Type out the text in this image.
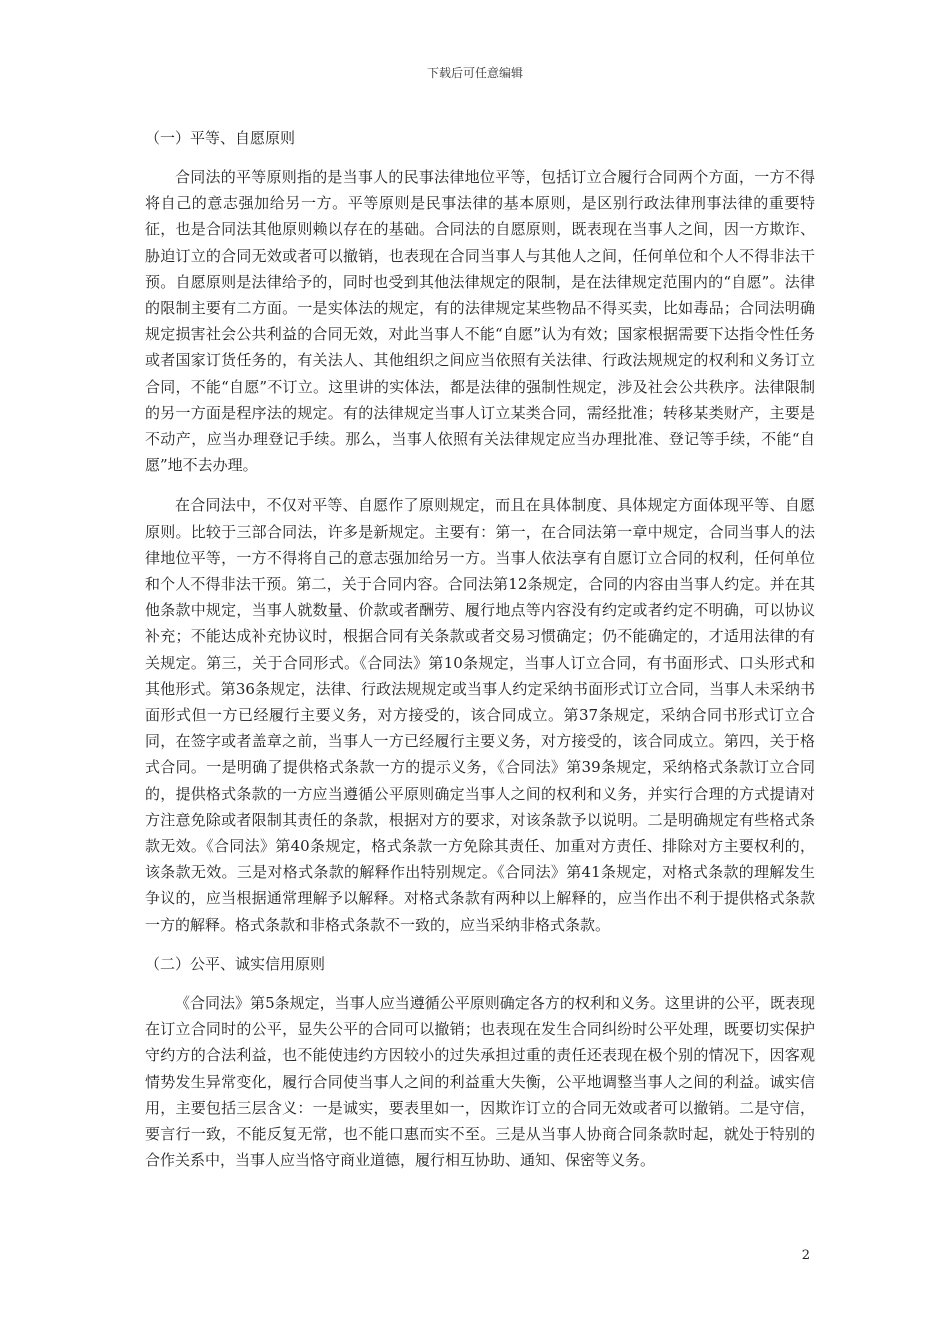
下载后可任意编辑

（一）平等、自愿原则

合同法的平等原则指的是当事人的民事法律地位平等，包括订立合履行合同两个方面，一方不得将自己的意志强加给另一方。平等原则是民事法律的基本原则，是区别行政法律刑事法律的重要特征，也是合同法其他原则赖以存在的基础。合同法的自愿原则，既表现在当事人之间，因一方欺诈、胁迫订立的合同无效或者可以撤销，也表现在合同当事人与其他人之间，任何单位和个人不得非法干预。自愿原则是法律给予的，同时也受到其他法律规定的限制，是在法律规定范围内的“自愿”。法律的限制主要有二方面。一是实体法的规定，有的法律规定某些物品不得买卖，比如毒品；合同法明确规定损害社会公共利益的合同无效，对此当事人不能“自愿”认为有效；国家根据需要下达指令性任务或者国家订货任务的，有关法人、其他组织之间应当依照有关法律、行政法规规定的权利和义务订立合同，不能“自愿”不订立。这里讲的实体法，都是法律的强制性规定，涉及社会公共秩序。法律限制的另一方面是程序法的规定。有的法律规定当事人订立某类合同，需经批准；转移某类财产，主要是不动产，应当办理登记手续。那么，当事人依照有关法律规定应当办理批准、登记等手续，不能“自愿”地不去办理。

在合同法中，不仅对平等、自愿作了原则规定，而且在具体制度、具体规定方面体现平等、自愿原则。比较于三部合同法，许多是新规定。主要有：第一，在合同法第一章中规定，合同当事人的法律地位平等，一方不得将自己的意志强加给另一方。当事人依法享有自愿订立合同的权利，任何单位和个人不得非法干预。第二，关于合同内容。合同法第12条规定，合同的内容由当事人约定。并在其他条款中规定，当事人就数量、价款或者酬劳、履行地点等内容没有约定或者约定不明确，可以协议补充；不能达成补充协议时，根据合同有关条款或者交易习惯确定；仍不能确定的，才适用法律的有关规定。第三，关于合同形式。《合同法》第10条规定，当事人订立合同，有书面形式、口头形式和其他形式。第36条规定，法律、行政法规规定或当事人约定采纳书面形式订立合同，当事人未采纳书面形式但一方已经履行主要义务，对方接受的，该合同成立。第37条规定，采纳合同书形式订立合同，在签字或者盖章之前，当事人一方已经履行主要义务，对方接受的，该合同成立。第四，关于格式合同。一是明确了提供格式条款一方的提示义务，《合同法》第39条规定，采纳格式条款订立合同的，提供格式条款的一方应当遵循公平原则确定当事人之间的权利和义务，并实行合理的方式提请对方注意免除或者限制其责任的条款，根据对方的要求，对该条款予以说明。二是明确规定有些格式条款无效。《合同法》第40条规定，格式条款一方免除其责任、加重对方责任、排除对方主要权利的，该条款无效。三是对格式条款的解释作出特别规定。《合同法》第41条规定，对格式条款的理解发生争议的，应当根据通常理解予以解释。对格式条款有两种以上解释的，应当作出不利于提供格式条款一方的解释。格式条款和非格式条款不一致的，应当采纳非格式条款。

（二）公平、诚实信用原则

《合同法》第5条规定，当事人应当遵循公平原则确定各方的权利和义务。这里讲的公平，既表现在订立合同时的公平，显失公平的合同可以撤销；也表现在发生合同纠纷时公平处理，既要切实保护守约方的合法利益，也不能使违约方因较小的过失承担过重的责任还表现在极个别的情况下，因客观情势发生异常变化，履行合同使当事人之间的利益重大失衡，公平地调整当事人之间的利益。诚实信用，主要包括三层含义：一是诚实，要表里如一，因欺诈订立的合同无效或者可以撤销。二是守信，要言行一致，不能反复无常，也不能口惠而实不至。三是从当事人协商合同条款时起，就处于特别的合作关系中，当事人应当恪守商业道德，履行相互协助、通知、保密等义务。

2
